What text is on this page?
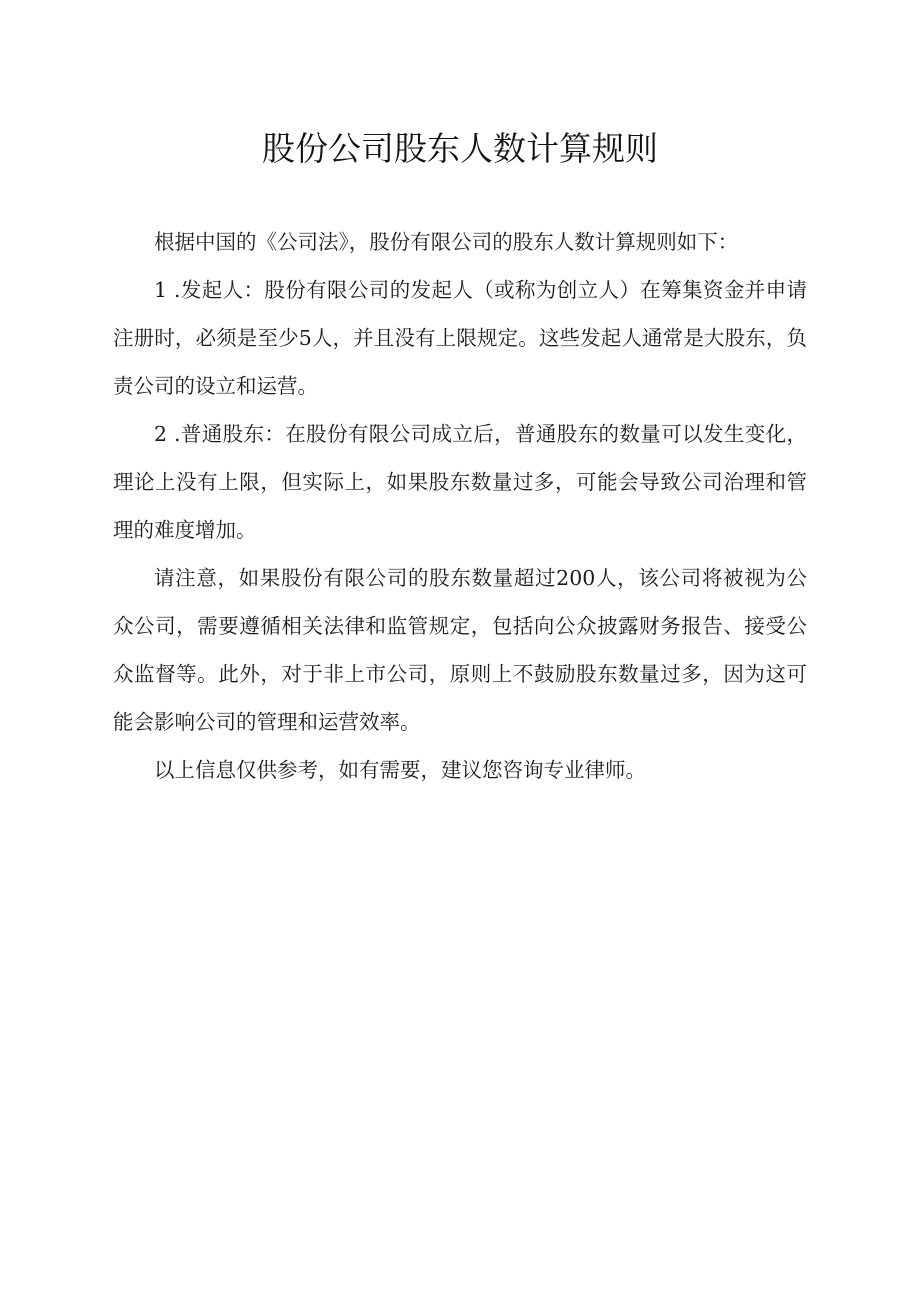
股份公司股东人数计算规则

根据中国的《公司法》，股份有限公司的股东人数计算规则如下：

1 .发起人：股份有限公司的发起人（或称为创立人）在筹集资金并申请注册时，必须是至少5人，并且没有上限规定。这些发起人通常是大股东，负责公司的设立和运营。

2 .普通股东：在股份有限公司成立后，普通股东的数量可以发生变化，理论上没有上限，但实际上，如果股东数量过多，可能会导致公司治理和管理的难度增加。

请注意，如果股份有限公司的股东数量超过200人，该公司将被视为公众公司，需要遵循相关法律和监管规定，包括向公众披露财务报告、接受公众监督等。此外，对于非上市公司，原则上不鼓励股东数量过多，因为这可能会影响公司的管理和运营效率。

以上信息仅供参考，如有需要，建议您咨询专业律师。
